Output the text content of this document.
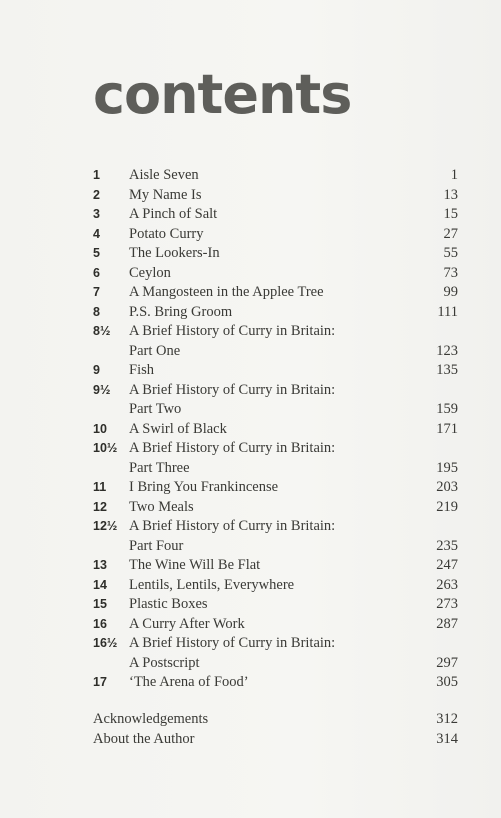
contents
1 Aisle Seven	1
2 My Name Is	13
3 A Pinch of Salt	15
4 Potato Curry	27
5 The Lookers-In	55
6 Ceylon	73
7 A Mangosteen in the Applee Tree	99
8 P.S. Bring Groom	111
8½ A Brief History of Curry in Britain:
Part One	123
9 Fish	135
9½ A Brief History of Curry in Britain:
Part Two	159
10 A Swirl of Black	171
10½ A Brief History of Curry in Britain:
Part Three	195
11 I Bring You Frankincense	203
12 Two Meals	219
12½ A Brief History of Curry in Britain:
Part Four	235
13 The Wine Will Be Flat	247
14 Lentils, Lentils, Everywhere	263
15 Plastic Boxes	273
16 A Curry After Work	287
16½ A Brief History of Curry in Britain:
A Postscript	297
17 ‘The Arena of Food’	305
Acknowledgements	312
About the Author	314
